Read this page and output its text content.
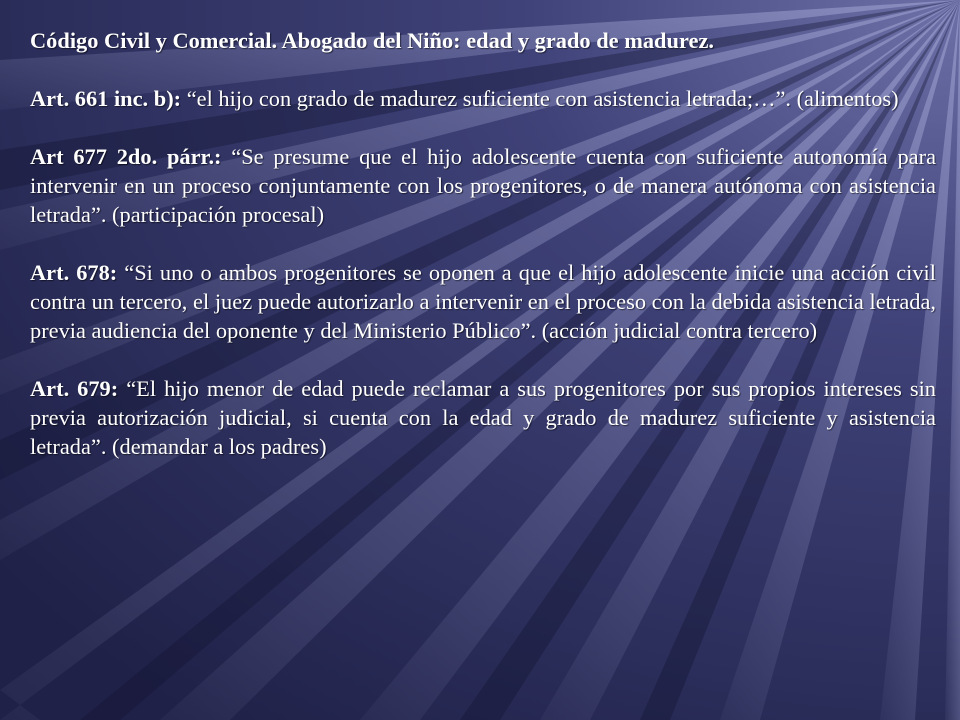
Código Civil y Comercial. Abogado del Niño: edad y grado de madurez.

Art. 661 inc. b): “el hijo con grado de madurez suficiente con asistencia letrada;…”. (alimentos)

Art 677 2do. párr.: “Se presume que el hijo adolescente cuenta con suficiente autonomía para intervenir en un proceso conjuntamente con los progenitores, o de manera autónoma con asistencia letrada”. (participación procesal)

Art. 678: “Si uno o ambos progenitores se oponen a que el hijo adolescente inicie una acción civil contra un tercero, el juez puede autorizarlo a intervenir en el proceso con la debida asistencia letrada, previa audiencia del oponente y del Ministerio Público”. (acción judicial contra tercero)

Art. 679: “El hijo menor de edad puede reclamar a sus progenitores por sus propios intereses sin previa autorización judicial, si cuenta con la edad y grado de madurez suficiente y asistencia letrada”. (demandar a los padres)
